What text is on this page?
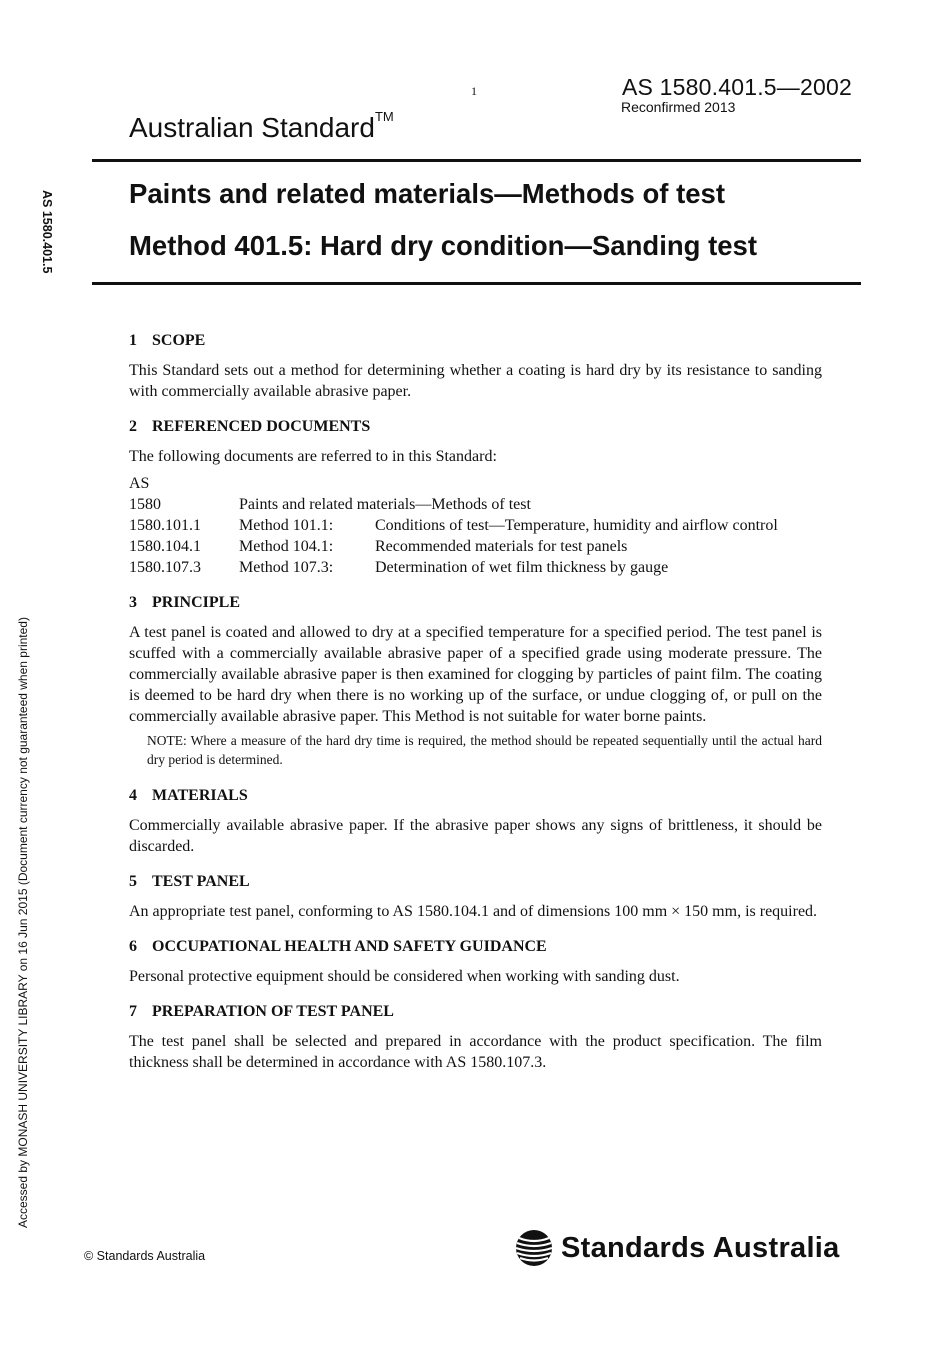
1	AS 1580.401.5—2002
Reconfirmed 2013
Australian Standard™
Paints and related materials—Methods of test
Method 401.5: Hard dry condition—Sanding test
AS 1580.401.5
Accessed by MONASH UNIVERSITY LIBRARY on 16 Jun 2015 (Document currency not guaranteed when printed)
1 SCOPE

This Standard sets out a method for determining whether a coating is hard dry by its resistance to sanding with commercially available abrasive paper.

2 REFERENCED DOCUMENTS

The following documents are referred to in this Standard:

AS
1580	Paints and related materials—Methods of test
1580.101.1	Method 101.1:	Conditions of test—Temperature, humidity and airflow control
1580.104.1	Method 104.1:	Recommended materials for test panels
1580.107.3	Method 107.3:	Determination of wet film thickness by gauge
3 PRINCIPLE

A test panel is coated and allowed to dry at a specified temperature for a specified period. The test panel is scuffed with a commercially available abrasive paper of a specified grade using moderate pressure. The commercially available abrasive paper is then examined for clogging by particles of paint film. The coating is deemed to be hard dry when there is no working up of the surface, or undue clogging of, or pull on the commercially available abrasive paper. This Method is not suitable for water borne paints.

NOTE: Where a measure of the hard dry time is required, the method should be repeated sequentially until the actual hard dry period is determined.

4 MATERIALS

Commercially available abrasive paper. If the abrasive paper shows any signs of brittleness, it should be discarded.

5 TEST PANEL

An appropriate test panel, conforming to AS 1580.104.1 and of dimensions 100 mm × 150 mm, is required.

6 OCCUPATIONAL HEALTH AND SAFETY GUIDANCE

Personal protective equipment should be considered when working with sanding dust.

7 PREPARATION OF TEST PANEL

The test panel shall be selected and prepared in accordance with the product specification. The film thickness shall be determined in accordance with AS 1580.107.3.

© Standards Australia	Standards Australia
